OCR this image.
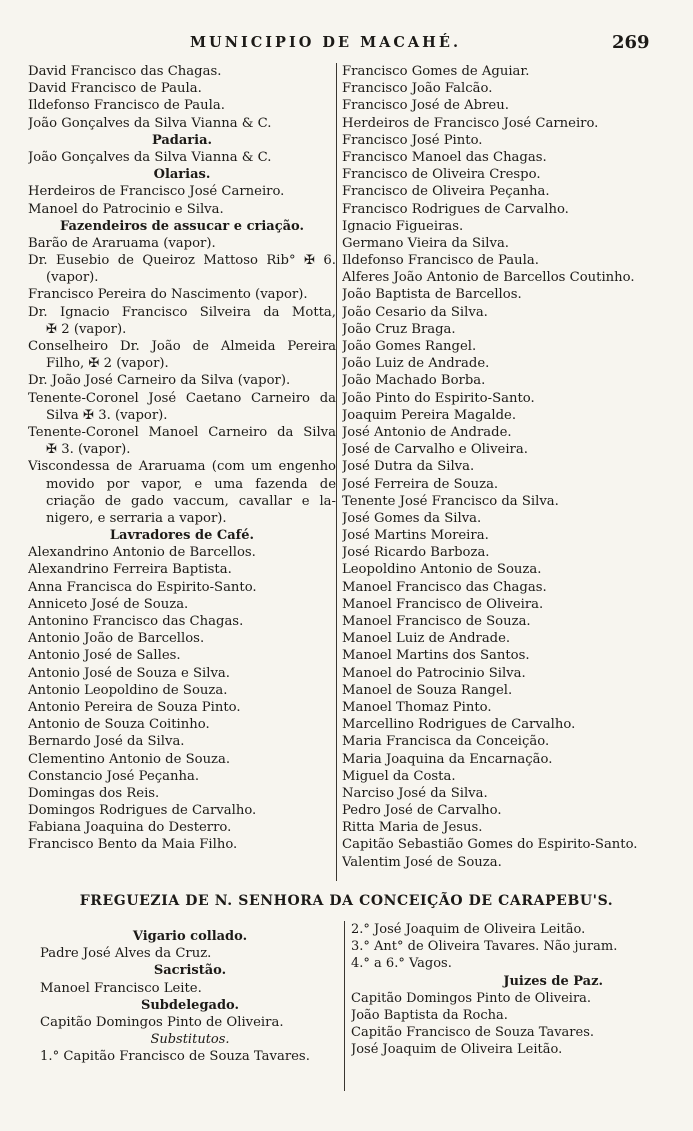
MUNICIPIO DE MACAHÉ.	269
David Francisco das Chagas.
David Francisco de Paula.
Ildefonso Francisco de Paula.
João Gonçalves da Silva Vianna & C.
Padaria.
João Gonçalves da Silva Vianna & C.
Olarias.
Herdeiros de Francisco José Carneiro.
Manoel do Patrocinio e Silva.
Fazendeiros de assucar e criação.
Barão de Araruama (vapor).
Dr. Eusebio de Queiroz Mattoso Rib° ✠ 6.
(vapor).
Francisco Pereira do Nascimento (vapor).
Dr. Ignacio Francisco Silveira da Motta,
✠ 2 (vapor).
Conselheiro Dr. João de Almeida Pereira
Filho, ✠ 2 (vapor).
Dr. João José Carneiro da Silva (vapor).
Tenente-Coronel José Caetano Carneiro da
Silva ✠ 3. (vapor).
Tenente-Coronel Manoel Carneiro da Silva
✠ 3. (vapor).
Viscondessa de Araruama (com um engenho
movido por vapor, e uma fazenda de
criação de gado vaccum, cavallar e la-
nigero, e serraria a vapor).
Lavradores de Café.
Alexandrino Antonio de Barcellos.
Alexandrino Ferreira Baptista.
Anna Francisca do Espirito-Santo.
Anniceto José de Souza.
Antonino Francisco das Chagas.
Antonio João de Barcellos.
Antonio José de Salles.
Antonio José de Souza e Silva.
Antonio Leopoldino de Souza.
Antonio Pereira de Souza Pinto.
Antonio de Souza Coitinho.
Bernardo José da Silva.
Clementino Antonio de Souza.
Constancio José Peçanha.
Domingas dos Reis.
Domingos Rodrigues de Carvalho.
Fabiana Joaquina do Desterro.
Francisco Bento da Maia Filho.
Francisco Gomes de Aguiar.
Francisco João Falcão.
Francisco José de Abreu.
Herdeiros de Francisco José Carneiro.
Francisco José Pinto.
Francisco Manoel das Chagas.
Francisco de Oliveira Crespo.
Francisco de Oliveira Peçanha.
Francisco Rodrigues de Carvalho.
Ignacio Figueiras.
Germano Vieira da Silva.
Ildefonso Francisco de Paula.
Alferes João Antonio de Barcellos Coutinho.
João Baptista de Barcellos.
João Cesario da Silva.
João Cruz Braga.
João Gomes Rangel.
João Luiz de Andrade.
João Machado Borba.
João Pinto do Espirito-Santo.
Joaquim Pereira Magalde.
José Antonio de Andrade.
José de Carvalho e Oliveira.
José Dutra da Silva.
José Ferreira de Souza.
Tenente José Francisco da Silva.
José Gomes da Silva.
José Martins Moreira.
José Ricardo Barboza.
Leopoldino Antonio de Souza.
Manoel Francisco das Chagas.
Manoel Francisco de Oliveira.
Manoel Francisco de Souza.
Manoel Luiz de Andrade.
Manoel Martins dos Santos.
Manoel do Patrocinio Silva.
Manoel de Souza Rangel.
Manoel Thomaz Pinto.
Marcellino Rodrigues de Carvalho.
Maria Francisca da Conceição.
Maria Joaquina da Encarnação.
Miguel da Costa.
Narciso José da Silva.
Pedro José de Carvalho.
Ritta Maria de Jesus.
Capitão Sebastião Gomes do Espirito-Santo.
Valentim José de Souza.
FREGUEZIA DE N. SENHORA DA CONCEIÇÃO DE CARAPEBU'S.
Vigario collado.
Padre José Alves da Cruz.
Sacristão.
Manoel Francisco Leite.
Subdelegado.
Capitão Domingos Pinto de Oliveira.
Substitutos.
1.° Capitão Francisco de Souza Tavares.
2.° José Joaquim de Oliveira Leitão.
3.° Ant° de Oliveira Tavares. Não juram.
4.° a 6.° Vagos.
Juizes de Paz.
Capitão Domingos Pinto de Oliveira.
João Baptista da Rocha.
Capitão Francisco de Souza Tavares.
José Joaquim de Oliveira Leitão.
